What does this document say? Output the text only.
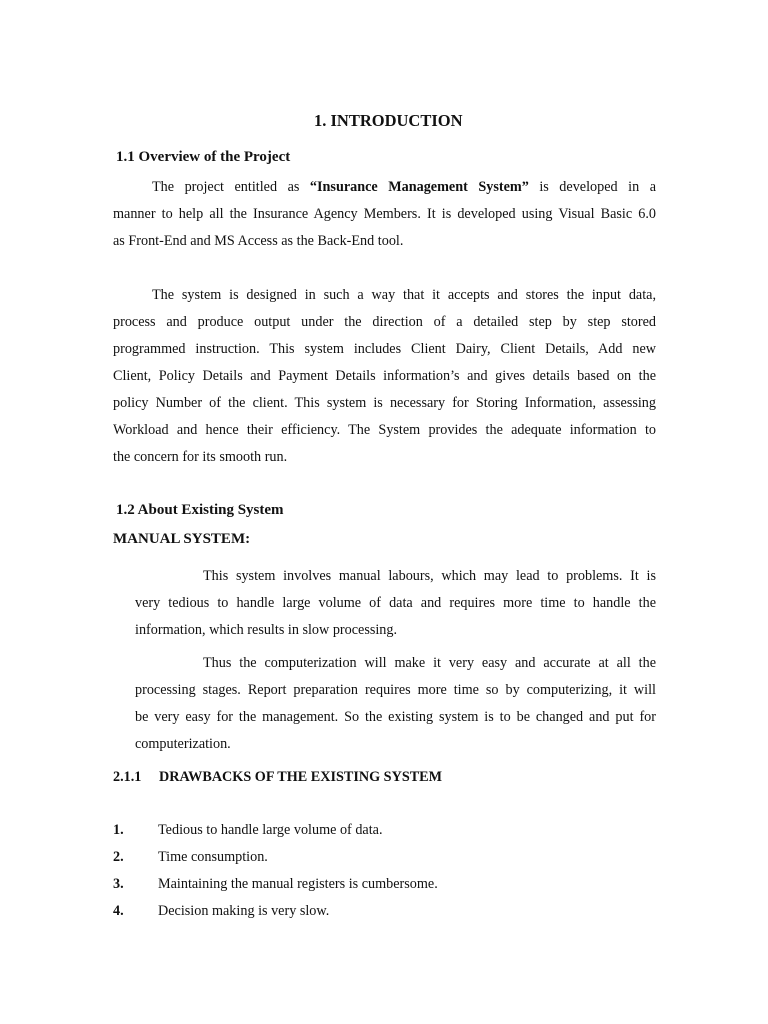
1. INTRODUCTION
1.1 Overview of the Project
The project entitled as “Insurance Management System” is developed in a
manner to help all the Insurance Agency Members. It is developed using Visual Basic 6.0
as Front-End and MS Access as the Back-End tool.
The system is designed in such a way that it accepts and stores the input data,
process and produce output under the direction of a detailed step by step stored
programmed instruction. This system includes Client Dairy, Client Details, Add new
Client, Policy Details and Payment Details information’s and gives details based on the
policy Number of the client. This system is necessary for Storing Information, assessing
Workload and hence their efficiency. The System provides the adequate information to
the concern for its smooth run.
1.2 About Existing System
MANUAL SYSTEM:
This system involves manual labours, which may lead to problems. It is
very tedious to handle large volume of data and requires more time to handle the
information, which results in slow processing.
Thus the computerization will make it very easy and accurate at all the
processing stages. Report preparation requires more time so by computerizing, it will
be very easy for the management. So the existing system is to be changed and put for
computerization.
2.1.1 DRAWBACKS OF THE EXISTING SYSTEM
1. Tedious to handle large volume of data.
2. Time consumption.
3. Maintaining the manual registers is cumbersome.
4. Decision making is very slow.
